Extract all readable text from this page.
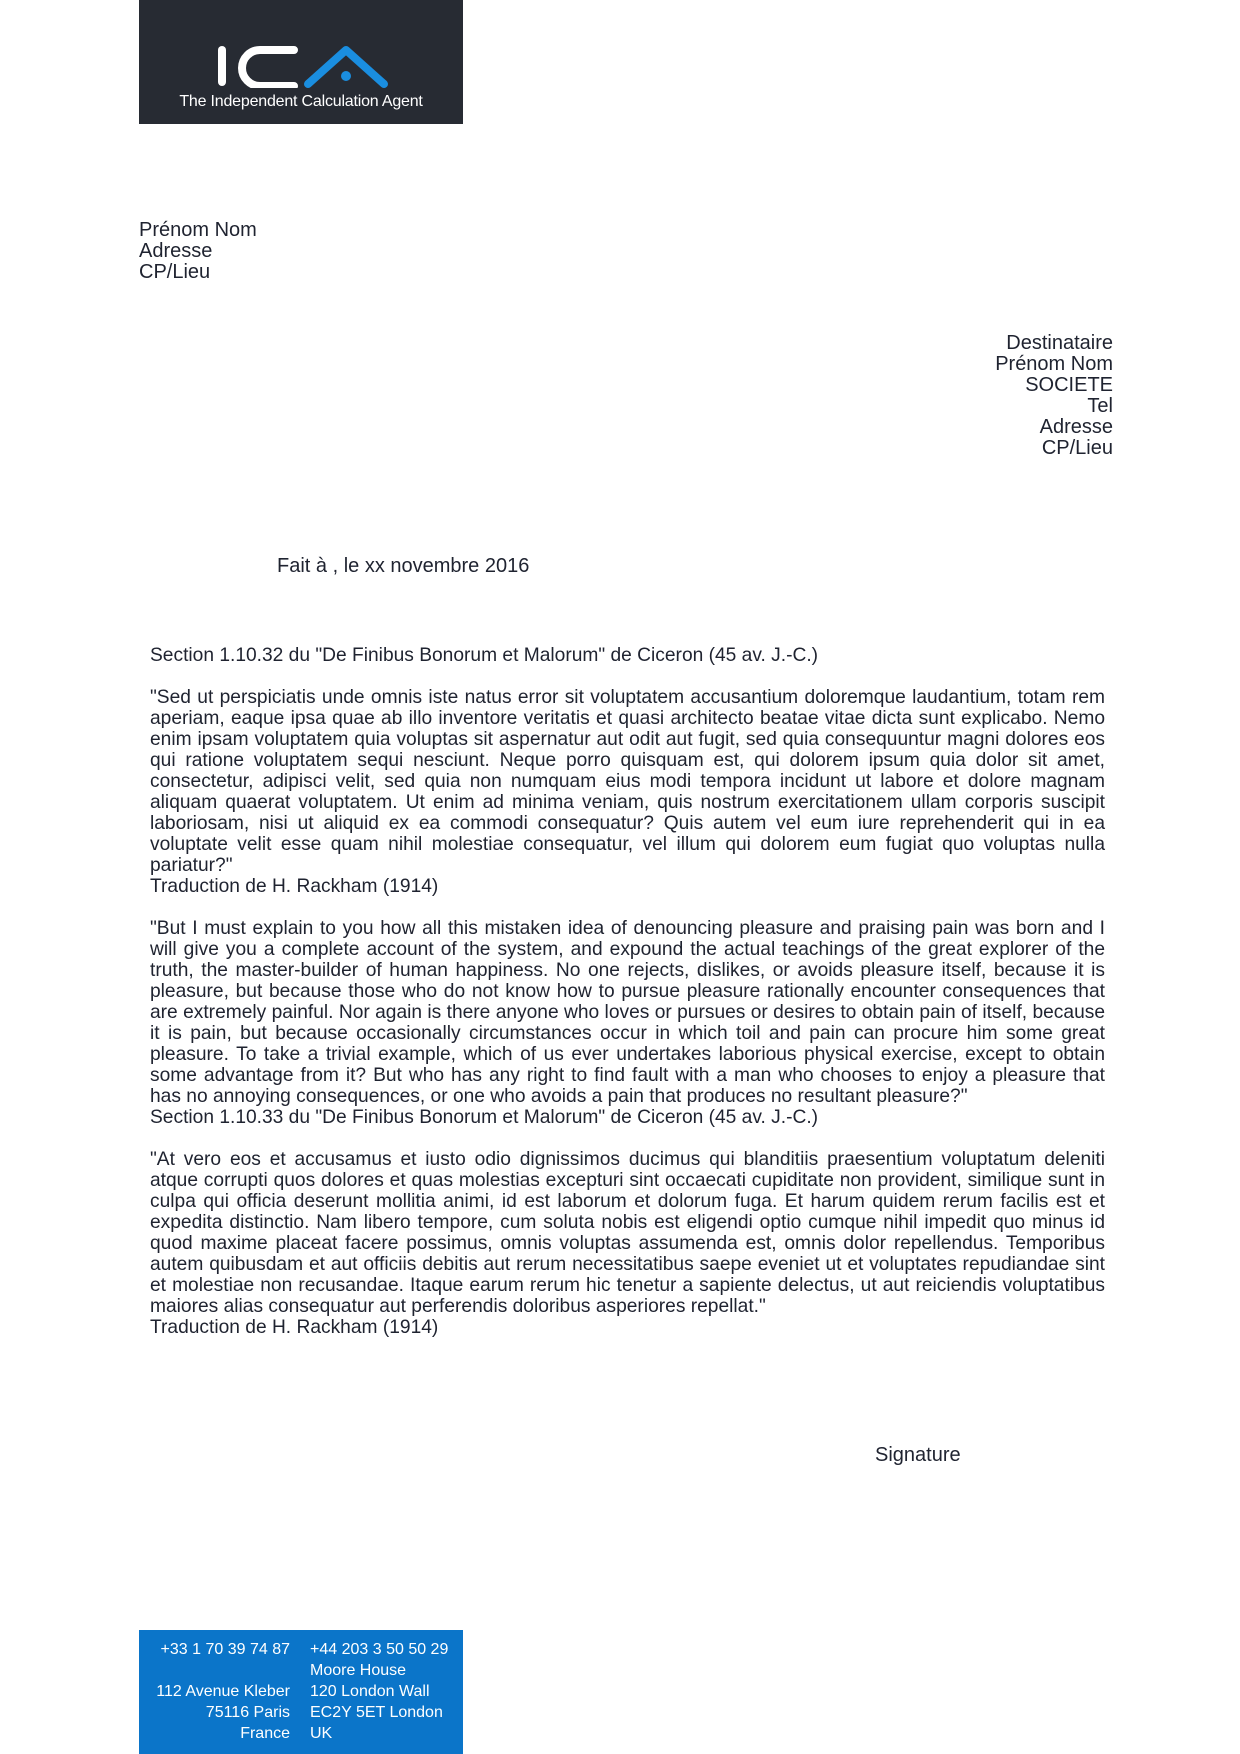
The Independent Calculation Agent
Prénom Nom
Adresse
CP/Lieu
Destinataire
Prénom Nom
SOCIETE
Tel
Adresse
CP/Lieu
Fait à , le xx novembre 2016

Section 1.10.32 du "De Finibus Bonorum et Malorum" de Ciceron (45 av. J.-C.)

"Sed ut perspiciatis unde omnis iste natus error sit voluptatem accusantium doloremque laudantium, totam rem aperiam, eaque ipsa quae ab illo inventore veritatis et quasi architecto beatae vitae dicta sunt explicabo. Nemo enim ipsam voluptatem quia voluptas sit aspernatur aut odit aut fugit, sed quia consequuntur magni dolores eos qui ratione voluptatem sequi nesciunt. Neque porro quisquam est, qui dolorem ipsum quia dolor sit amet, consectetur, adipisci velit, sed quia non numquam eius modi tempora incidunt ut labore et dolore magnam aliquam quaerat voluptatem. Ut enim ad minima veniam, quis nostrum exercitationem ullam corporis suscipit laboriosam, nisi ut aliquid ex ea commodi consequatur? Quis autem vel eum iure reprehenderit qui in ea voluptate velit esse quam nihil molestiae consequatur, vel illum qui dolorem eum fugiat quo voluptas nulla pariatur?"
Traduction de H. Rackham (1914)

"But I must explain to you how all this mistaken idea of denouncing pleasure and praising pain was born and I will give you a complete account of the system, and expound the actual teachings of the great explorer of the truth, the master-builder of human happiness. No one rejects, dislikes, or avoids pleasure itself, because it is pleasure, but because those who do not know how to pursue pleasure rationally encounter consequences that are extremely painful. Nor again is there anyone who loves or pursues or desires to obtain pain of itself, because it is pain, but because occasionally circumstances occur in which toil and pain can procure him some great pleasure. To take a trivial example, which of us ever undertakes laborious physical exercise, except to obtain some advantage from it? But who has any right to find fault with a man who chooses to enjoy a pleasure that has no annoying consequences, or one who avoids a pain that produces no resultant pleasure?"
Section 1.10.33 du "De Finibus Bonorum et Malorum" de Ciceron (45 av. J.-C.)

"At vero eos et accusamus et iusto odio dignissimos ducimus qui blanditiis praesentium voluptatum deleniti atque corrupti quos dolores et quas molestias excepturi sint occaecati cupiditate non provident, similique sunt in culpa qui officia deserunt mollitia animi, id est laborum et dolorum fuga. Et harum quidem rerum facilis est et expedita distinctio. Nam libero tempore, cum soluta nobis est eligendi optio cumque nihil impedit quo minus id quod maxime placeat facere possimus, omnis voluptas assumenda est, omnis dolor repellendus. Temporibus autem quibusdam et aut officiis debitis aut rerum necessitatibus saepe eveniet ut et voluptates repudiandae sint et molestiae non recusandae. Itaque earum rerum hic tenetur a sapiente delectus, ut aut reiciendis voluptatibus maiores alias consequatur aut perferendis doloribus asperiores repellat."
Traduction de H. Rackham (1914)

Signature
+33 1 70 39 74 87
112 Avenue Kleber
75116 Paris
France
+44 203 3 50 50 29
Moore House
120 London Wall
EC2Y 5ET London
UK
